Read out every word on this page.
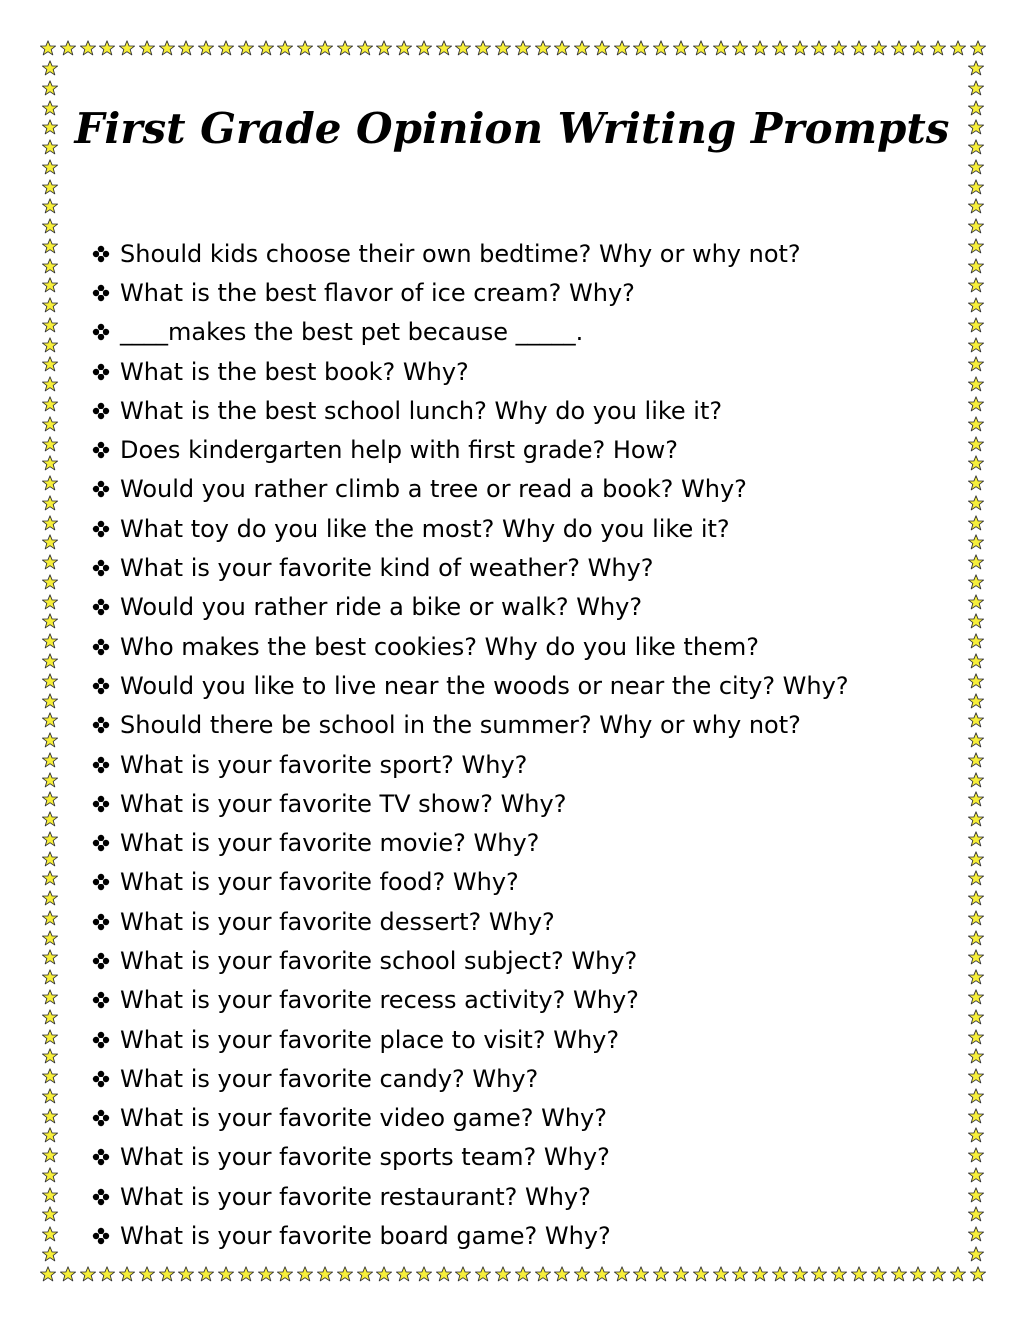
First Grade Opinion Writing Prompts
Should kids choose their own bedtime? Why or why not?
What is the best flavor of ice cream? Why?
____makes the best pet because _____.
What is the best book? Why?
What is the best school lunch? Why do you like it?
Does kindergarten help with first grade? How?
Would you rather climb a tree or read a book? Why?
What toy do you like the most? Why do you like it?
What is your favorite kind of weather? Why?
Would you rather ride a bike or walk? Why?
Who makes the best cookies? Why do you like them?
Would you like to live near the woods or near the city? Why?
Should there be school in the summer? Why or why not?
What is your favorite sport? Why?
What is your favorite TV show? Why?
What is your favorite movie? Why?
What is your favorite food? Why?
What is your favorite dessert? Why?
What is your favorite school subject? Why?
What is your favorite recess activity? Why?
What is your favorite place to visit? Why?
What is your favorite candy? Why?
What is your favorite video game? Why?
What is your favorite sports team? Why?
What is your favorite restaurant? Why?
What is your favorite board game? Why?
